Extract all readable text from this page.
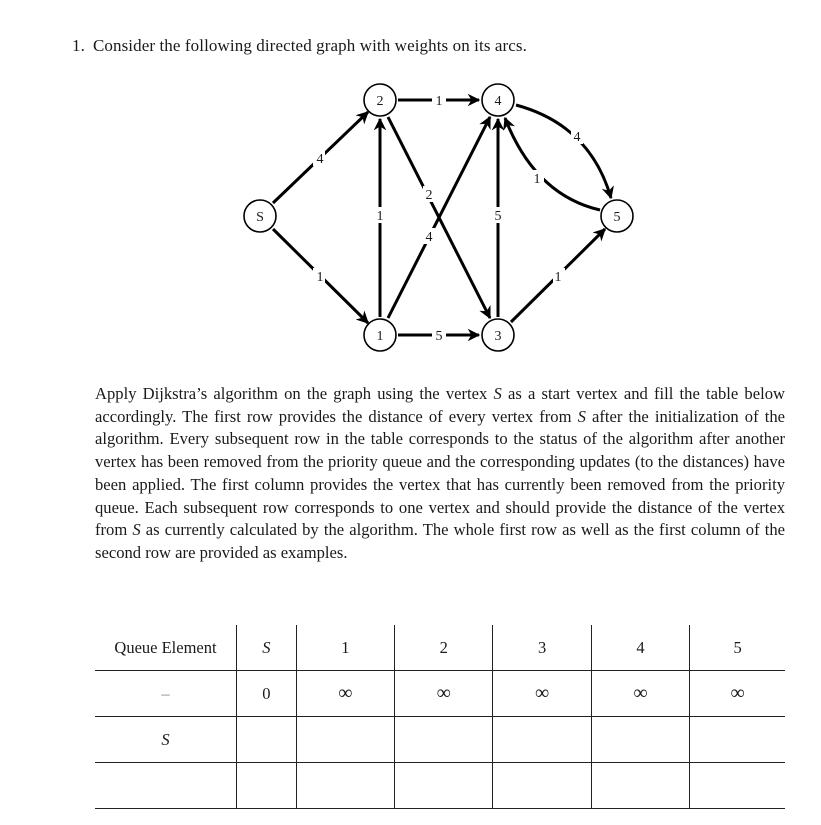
1. Consider the following directed graph with weights on its arcs.
4
1
1
1
2
4
5
5
4
1
1
S
2	4
1	3
5
Apply Dijkstra’s algorithm on the graph using the vertex S as a start vertex and fill the table below accordingly. The first row provides the distance of every vertex from S after the initialization of the algorithm. Every subsequent row in the table corresponds to the status of the algorithm after another vertex has been removed from the priority queue and the corresponding updates (to the distances) have been applied. The first column provides the vertex that has currently been removed from the priority queue. Each subsequent row corresponds to one vertex and should provide the distance of the vertex from S as currently calculated by the algorithm. The whole first row as well as the first column of the second row are provided as examples.
Queue Element	S	1	2	3	4	5
–	0	∞	∞	∞	∞	∞
S						
